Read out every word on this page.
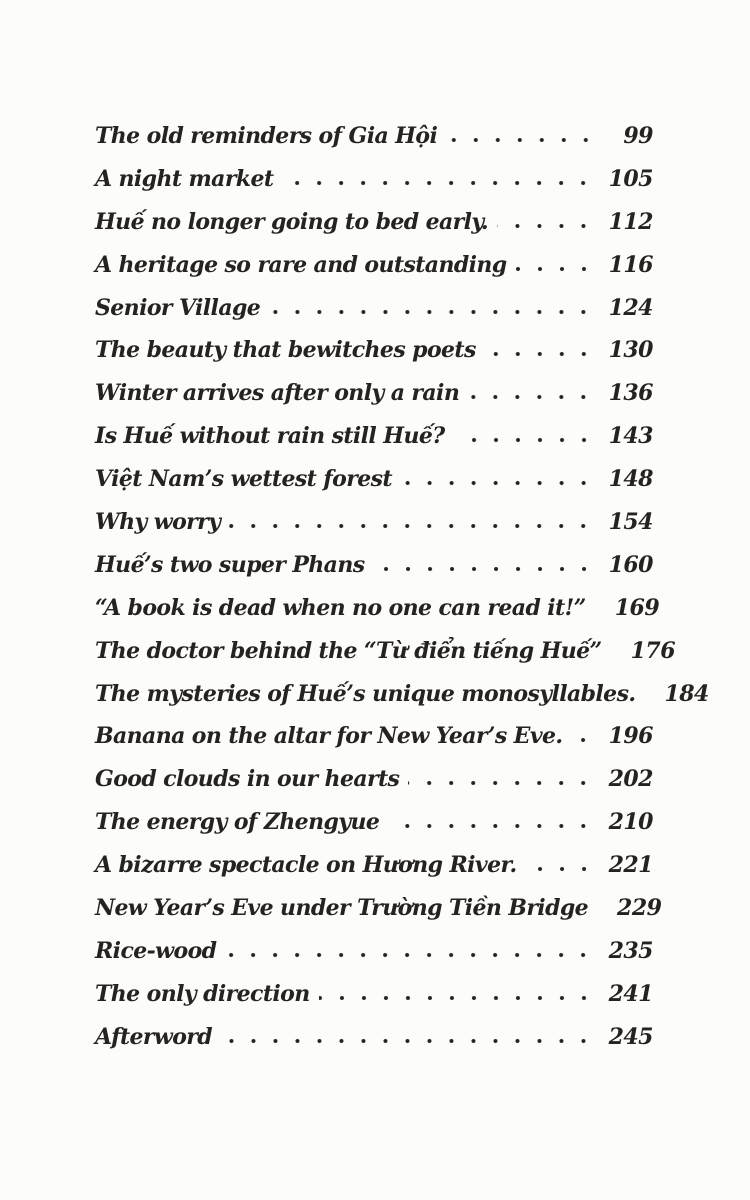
The old reminders of Gia Hội	99
A night market	105
Huế no longer going to bed early.	112
A heritage so rare and outstanding	116
Senior Village	124
The beauty that bewitches poets	130
Winter arrives after only a rain	136
Is Huế without rain still Huế?	143
Việt Nam’s wettest forest	148
Why worry	154
Huế’s two super Phans	160
“A book is dead when no one can read it!” 169
The doctor behind the “Từ điển tiếng Huế” 176
The mysteries of Huế’s unique monosyllables. 184
Banana on the altar for New Year’s Eve. 196
Good clouds in our hearts	202
The energy of Zhengyue	210
A bizarre spectacle on Hương River.	221
New Year’s Eve under Trường Tiền Bridge 229
Rice-wood	235
The only direction	241
Afterword	245
